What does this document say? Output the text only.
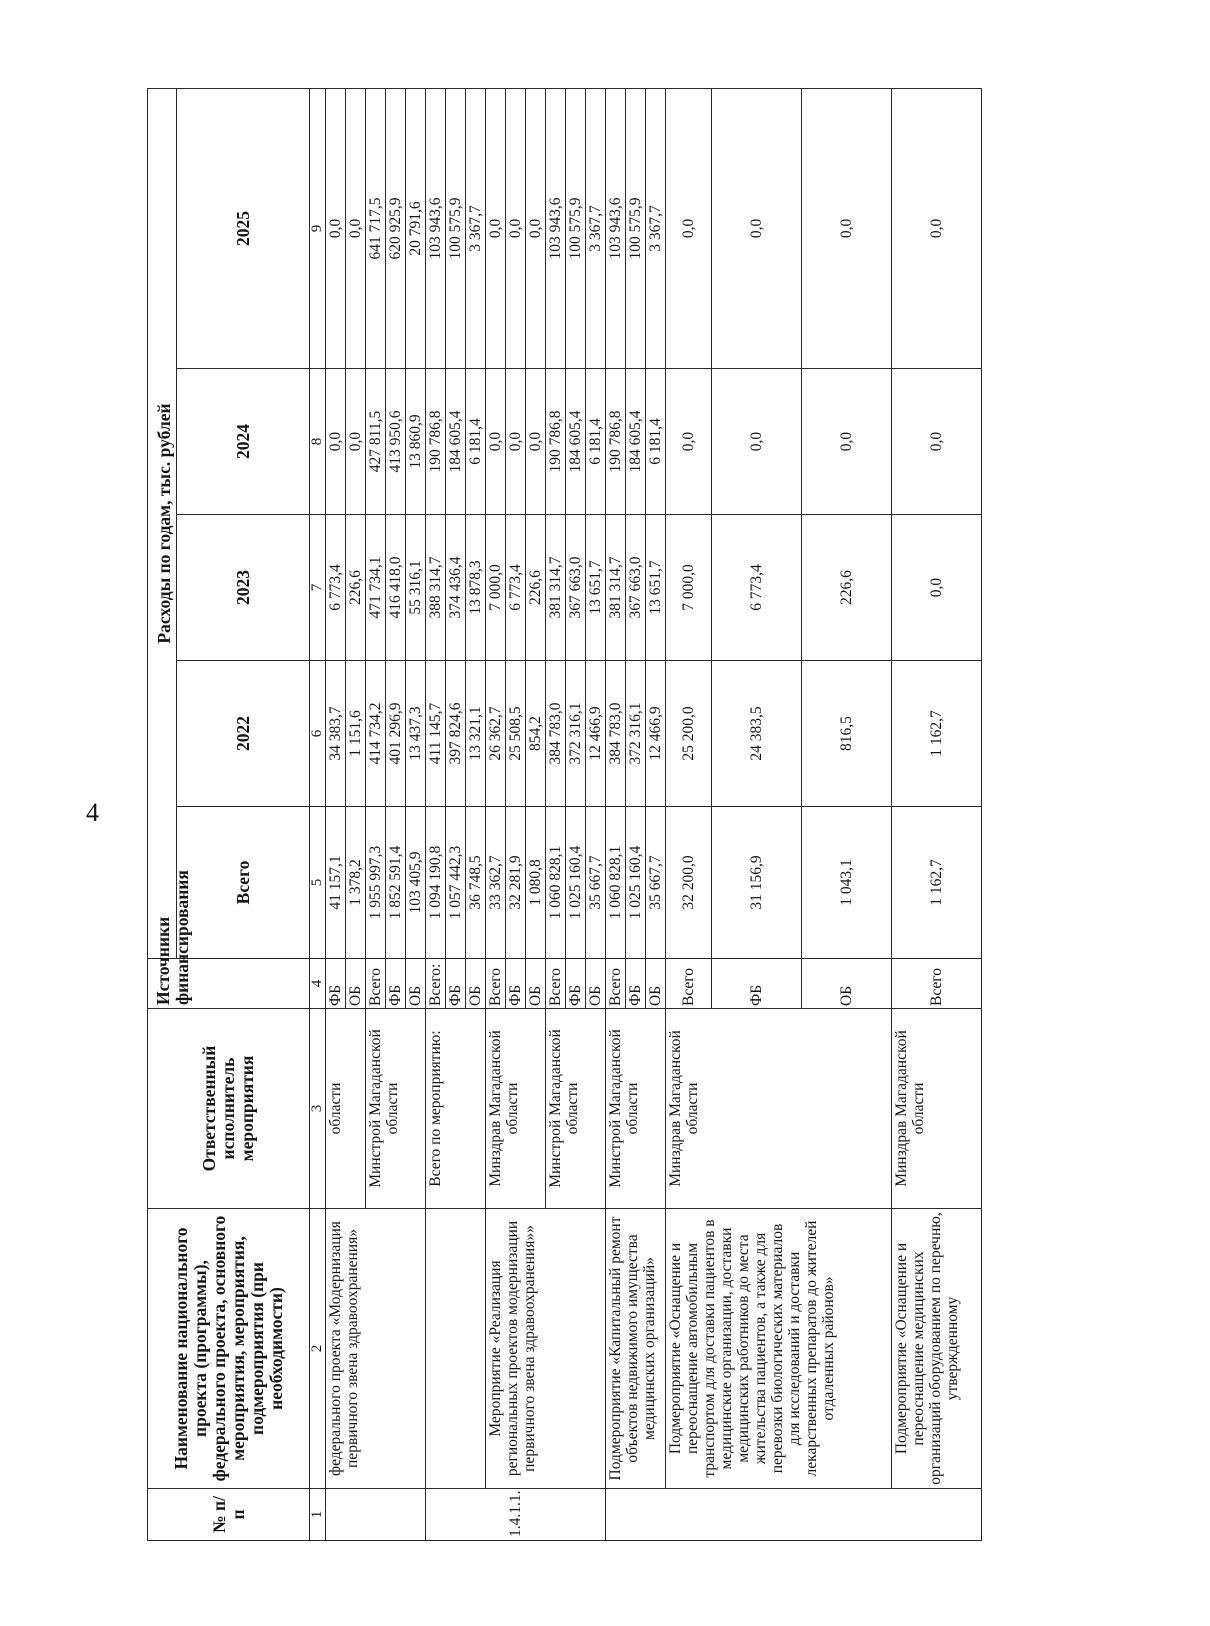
4
№ п/п	Наименование национального проекта (программы), федерального проекта, основного мероприятия, мероприятия, подмероприятия (при необходимости)	Ответственный исполнитель мероприятия	Источники финансирования	Расходы по годам, тыс. рублей				
				Всего	2022	2023	2024	2025
1	2	3	4	5	6	7	8	9
	федерального проекта «Модернизация первичного звена здравоохранения»	области	ФБ	41 157,1	34 383,7	6 773,4	0,0	0,0
			ОБ	1 378,2	1 151,6	226,6	0,0	0,0
		Минстрой Магаданской области	Всего	1 955 997,3	414 734,2	471 734,1	427 811,5	641 717,5
			ФБ	1 852 591,4	401 296,9	416 418,0	413 950,6	620 925,9
			ОБ	103 405,9	13 437,3	55 316,1	13 860,9	20 791,6
1.4.1.1.		Всего по мероприятию:	Всего:	1 094 190,8	411 145,7	388 314,7	190 786,8	103 943,6
			ФБ	1 057 442,3	397 824,6	374 436,4	184 605,4	100 575,9
			ОБ	36 748,5	13 321,1	13 878,3	6 181,4	3 367,7
	Мероприятие «Реализация региональных проектов модернизации первичного звена здравоохранения»»	Минздрав Магаданской области	Всего	33 362,7	26 362,7	7 000,0	0,0	0,0
			ФБ	32 281,9	25 508,5	6 773,4	0,0	0,0
			ОБ	1 080,8	854,2	226,6	0,0	0,0
		Минстрой Магаданской области	Всего	1 060 828,1	384 783,0	381 314,7	190 786,8	103 943,6
			ФБ	1 025 160,4	372 316,1	367 663,0	184 605,4	100 575,9
			ОБ	35 667,7	12 466,9	13 651,7	6 181,4	3 367,7
	Подмероприятие «Капитальный ремонт объектов недвижимого имущества медицинских организаций»	Минстрой Магаданской области	Всего	1 060 828,1	384 783,0	381 314,7	190 786,8	103 943,6
			ФБ	1 025 160,4	372 316,1	367 663,0	184 605,4	100 575,9
			ОБ	35 667,7	12 466,9	13 651,7	6 181,4	3 367,7
	Подмероприятие «Оснащение и переоснащение автомобильным транспортом для доставки пациентов в медицинские организации, доставки медицинских работников до места жительства пациентов, а также для перевозки биологических материалов для исследований и доставки лекарственных препаратов до жителей отдаленных районов»	Минздрав Магаданской области	Всего	32 200,0	25 200,0	7 000,0	0,0	0,0
			ФБ	31 156,9	24 383,5	6 773,4	0,0	0,0
			ОБ	1 043,1	816,5	226,6	0,0	0,0
	Подмероприятие «Оснащение и переоснащение медицинских организаций оборудованием по перечню, утвержденному	Минздрав Магаданской области	Всего	1 162,7	1 162,7	0,0	0,0	0,0
